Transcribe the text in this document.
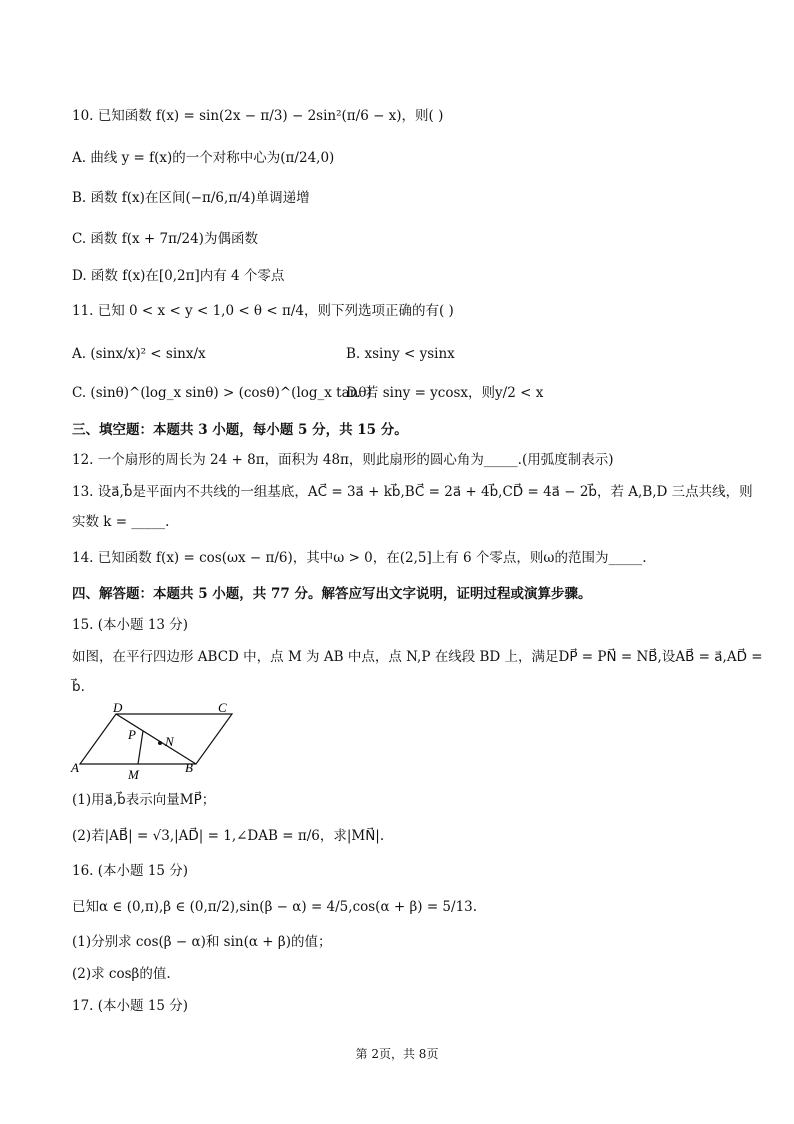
10. 已知函数 f(x) = sin(2x − π/3) − 2sin²(π/6 − x)，则( )
A. 曲线 y = f(x)的一个对称中心为(π/24,0)
B. 函数 f(x)在区间(−π/6,π/4)单调递增
C. 函数 f(x + 7π/24)为偶函数
D. 函数 f(x)在[0,2π]内有 4 个零点
11. 已知 0 < x < y < 1,0 < θ < π/4，则下列选项正确的有( )
A. (sinx/x)² < sinx/x	B. xsiny < ysinx
C. (sinθ)^(log_x sinθ) > (cosθ)^(log_x tanθ)
D. 若 siny = ycosx，则y/2 < x
三、填空题：本题共 3 小题，每小题 5 分，共 15 分。
12. 一个扇形的周长为 24 + 8π，面积为 48π，则此扇形的圆心角为_____.(用弧度制表示)
13. 设a⃗,b⃗是平面内不共线的一组基底，AC⃗ = 3a⃗ + kb⃗,BC⃗ = 2a⃗ + 4b⃗,CD⃗ = 4a⃗ − 2b⃗，若 A,B,D 三点共线，则
实数 k = _____.
14. 已知函数 f(x) = cos(ωx − π/6)，其中ω > 0，在(2,5]上有 6 个零点，则ω的范围为_____.
四、解答题：本题共 5 小题，共 77 分。解答应写出文字说明，证明过程或演算步骤。
15. (本小题 13 分)
如图，在平行四边形 ABCD 中，点 M 为 AB 中点，点 N,P 在线段 BD 上，满足DP⃗ = PN⃗ = NB⃗,设AB⃗ = a⃗,AD⃗ =
b⃗.
A	B
C
D
M
N
P
(1)用a⃗,b⃗表示向量MP⃗；
(2)若|AB⃗| = √3,|AD⃗| = 1,∠DAB = π/6，求|MN⃗|.
16. (本小题 15 分)
已知α ∈ (0,π),β ∈ (0,π/2),sin(β − α) = 4/5,cos(α + β) = 5/13.
(1)分别求 cos(β − α)和 sin(α + β)的值；
(2)求 cosβ的值.
17. (本小题 15 分)
第 2页，共 8页
